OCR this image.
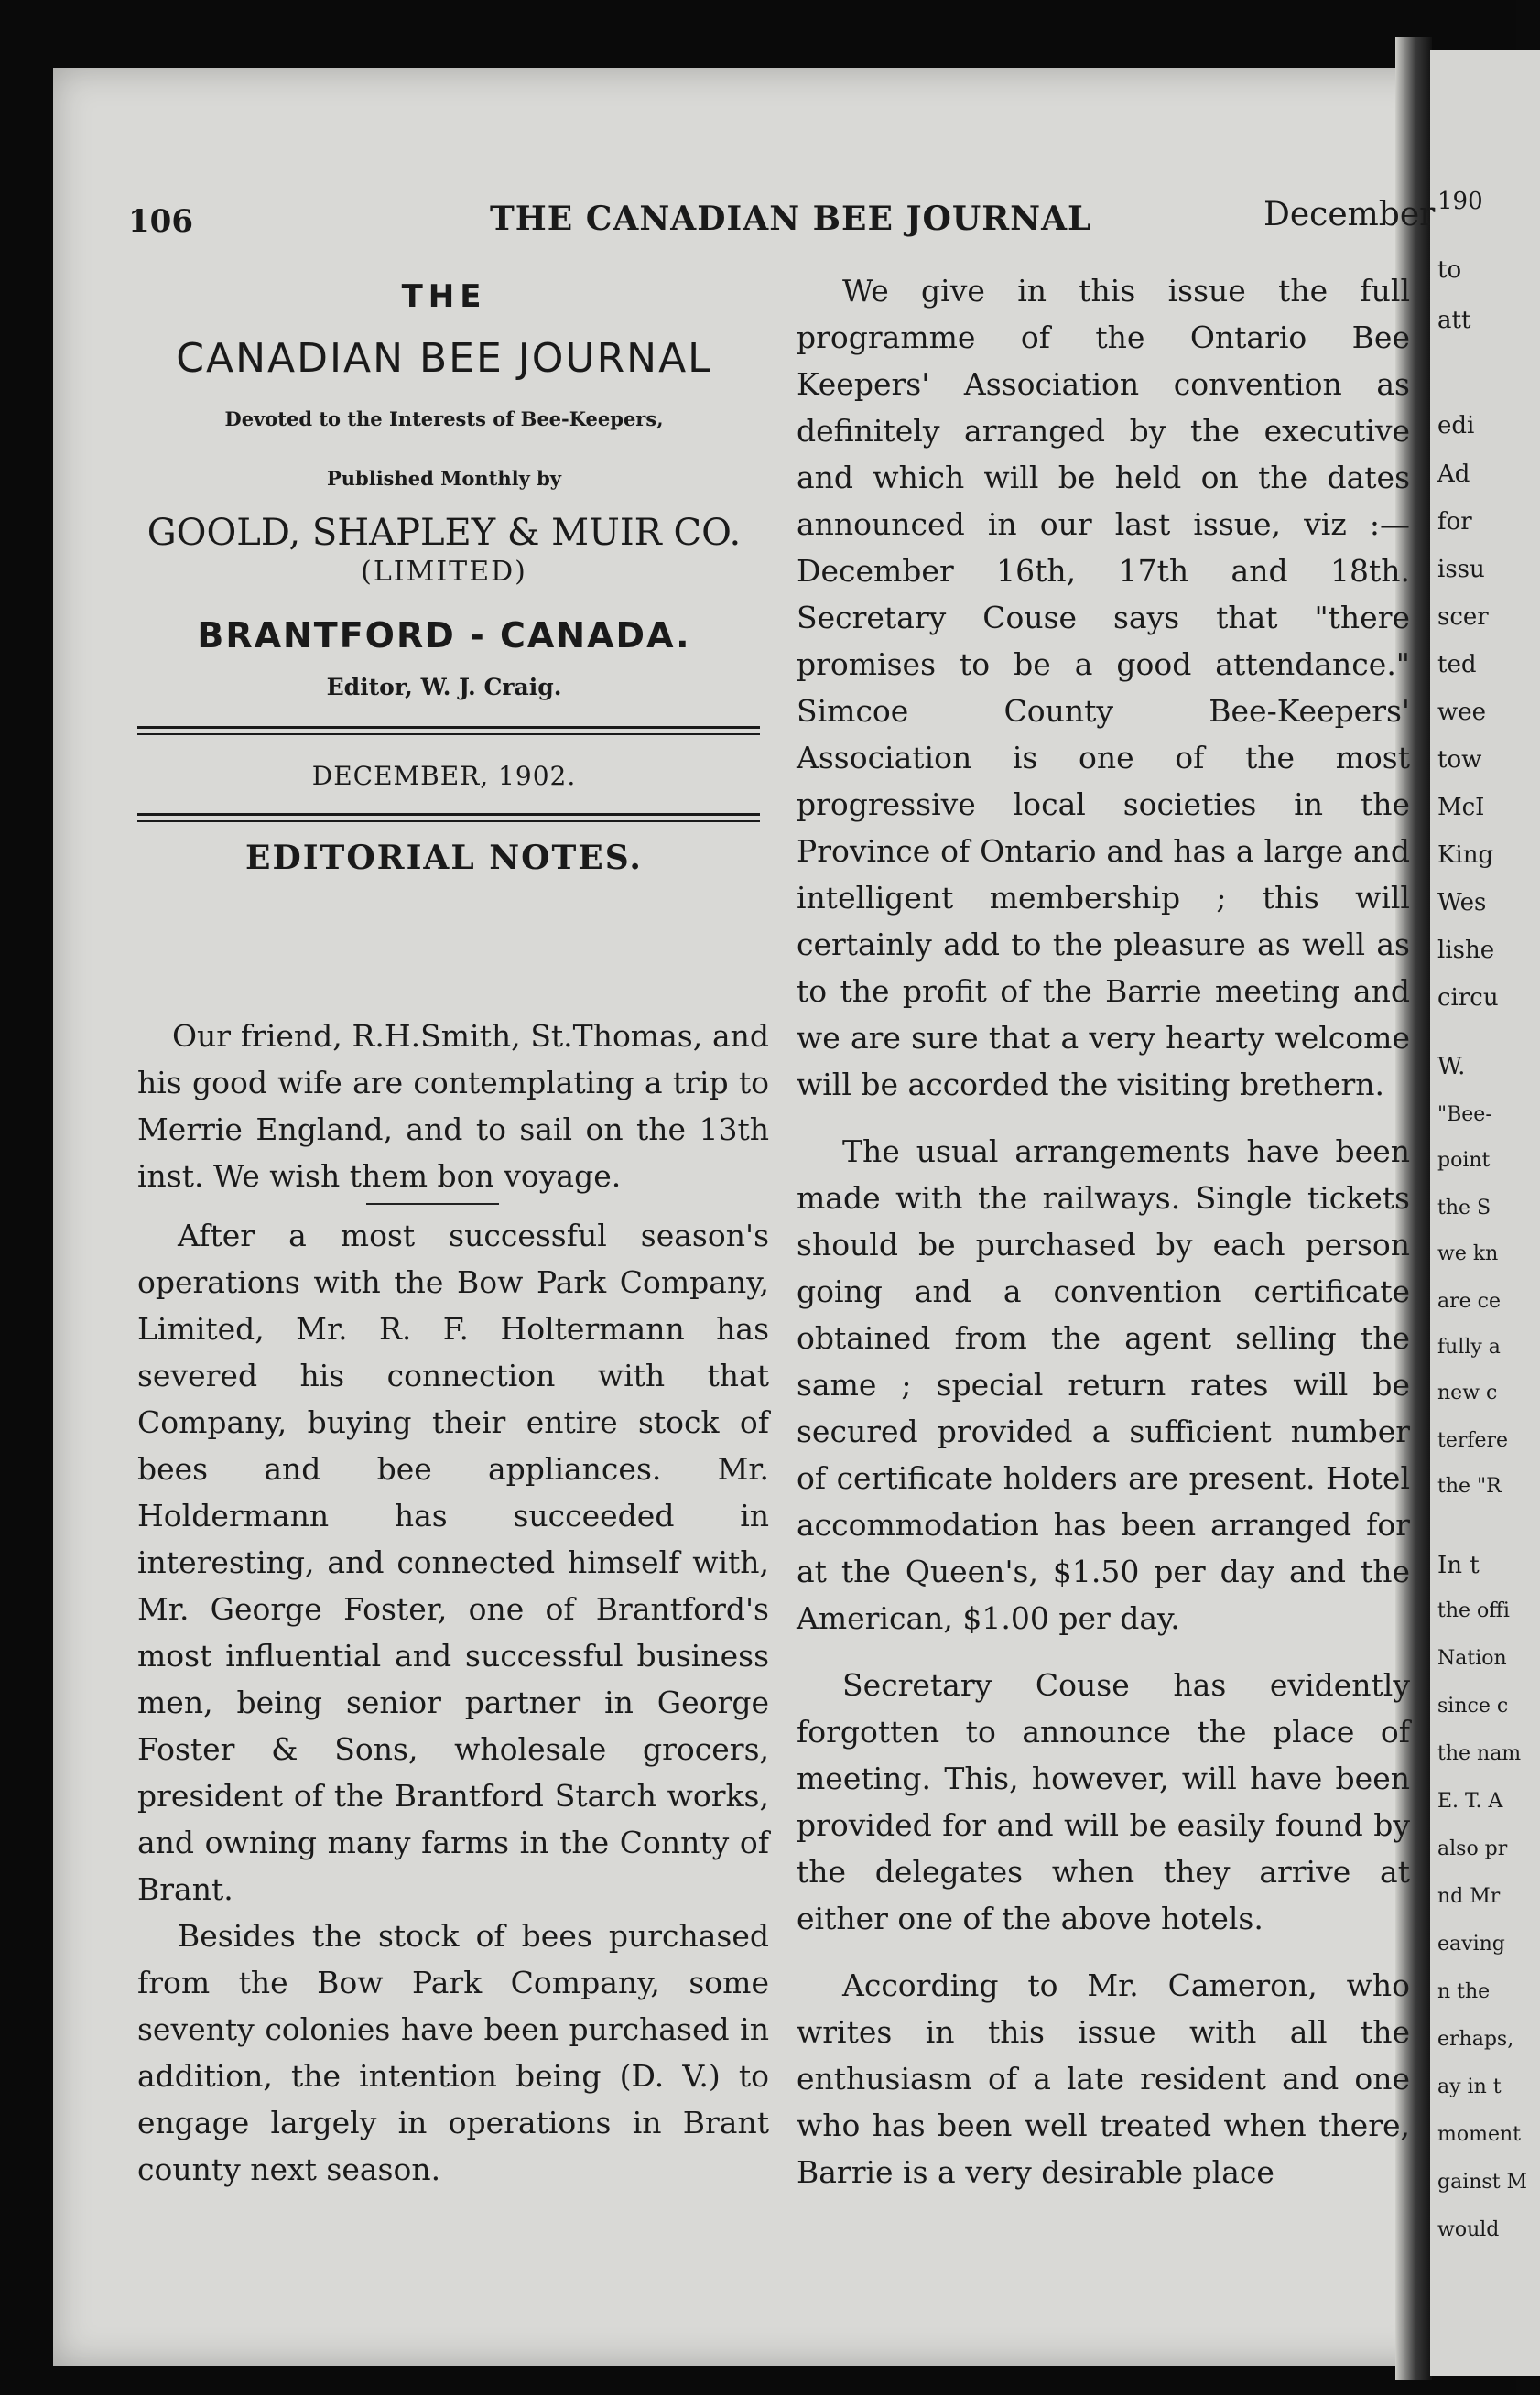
190
to
att
edi
Ad
for
issu
scer
ted
wee
tow
McI
King
Wes
lishe
circu
W.
"Bee-
point
the S
we kn
are ce
fully a
new c
terfere
the "R
In t
the offi
Nation
since c
the nam
E. T. A
also pr
nd Mr
eaving
n the
erhaps,
ay in t
moment
gainst M
would
106	THE CANADIAN BEE JOURNAL	December
THE
CANADIAN BEE JOURNAL
Devoted to the Interests of Bee-Keepers,
Published Monthly by
GOOLD, SHAPLEY & MUIR CO.
(LIMITED)
BRANTFORD - CANADA.
Editor, W. J. Craig.
DECEMBER, 1902.
EDITORIAL NOTES.

Our friend, R.H.Smith, St.Thomas, and his good wife are contemplating a trip to Merrie England, and to sail on the 13th inst. We wish them bon voyage.

After a most successful season's operations with the Bow Park Company, Limited, Mr. R. F. Holtermann has severed his connection with that Company, buying their entire stock of bees and bee appliances. Mr. Holdermann has succeeded in interesting, and connected himself with, Mr. George Foster, one of Brantford's most influential and successful business men, being senior partner in George Foster & Sons, wholesale grocers, president of the Brantford Starch works, and owning many farms in the Connty of Brant.

Besides the stock of bees purchased from the Bow Park Company, some seventy colonies have been purchased in addition, the intention being (D. V.) to engage largely in operations in Brant county next season.

We give in this issue the full programme of the Ontario Bee Keepers' Association convention as definitely arranged by the executive and which will be held on the dates announced in our last issue, viz :—December 16th, 17th and 18th. Secretary Couse says that "there promises to be a good attendance." Simcoe County Bee-Keepers' Association is one of the most progressive local societies in the Province of Ontario and has a large and intelligent membership ; this will certainly add to the pleasure as well as to the profit of the Barrie meeting and we are sure that a very hearty welcome will be accorded the visiting brethern.

The usual arrangements have been made with the railways. Single tickets should be purchased by each person going and a convention certificate obtained from the agent selling the same ; special return rates will be secured provided a sufficient number of certificate holders are present. Hotel accommodation has been arranged for at the Queen's, $1.50 per day and the American, $1.00 per day.

Secretary Couse has evidently forgotten to announce the place of meeting. This, however, will have been provided for and will be easily found by the delegates when they arrive at either one of the above hotels.

According to Mr. Cameron, who writes in this issue with all the enthusiasm of a late resident and one who has been well treated when there, Barrie is a very desirable place
